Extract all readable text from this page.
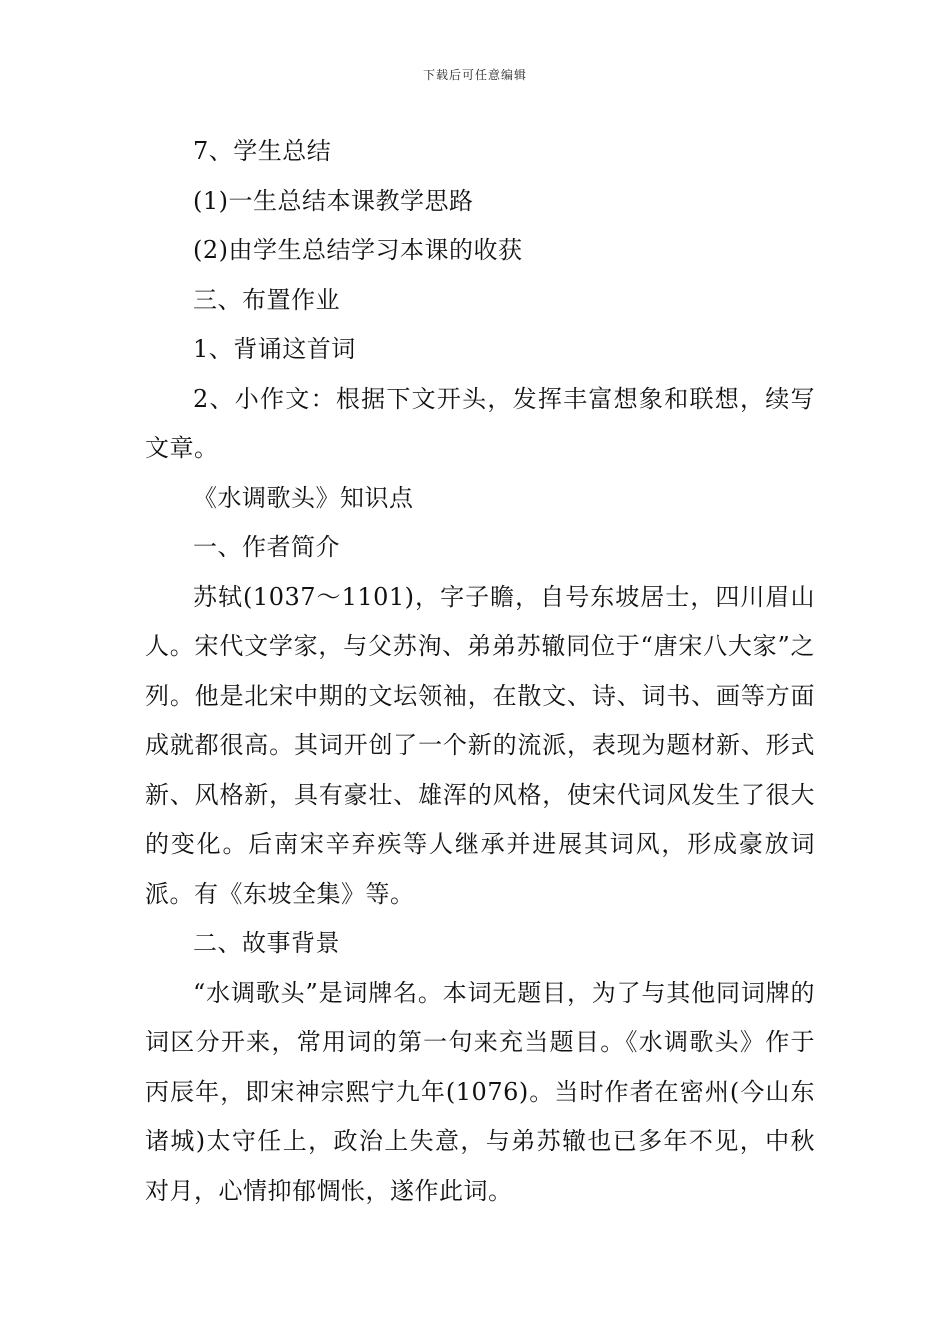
下载后可任意编辑

7、学生总结

(1)一生总结本课教学思路

(2)由学生总结学习本课的收获

三、布置作业

1、背诵这首词

2、小作文：根据下文开头，发挥丰富想象和联想，续写文章。

《水调歌头》知识点

一、作者简介

苏轼(1037～1101)，字子瞻，自号东坡居士，四川眉山人。宋代文学家，与父苏洵、弟弟苏辙同位于“唐宋八大家”之列。他是北宋中期的文坛领袖，在散文、诗、词书、画等方面成就都很高。其词开创了一个新的流派，表现为题材新、形式新、风格新，具有豪壮、雄浑的风格，使宋代词风发生了很大的变化。后南宋辛弃疾等人继承并进展其词风，形成豪放词派。有《东坡全集》等。

二、故事背景

“水调歌头”是词牌名。本词无题目，为了与其他同词牌的词区分开来，常用词的第一句来充当题目。《水调歌头》作于丙辰年，即宋神宗熙宁九年(1076)。当时作者在密州(今山东诸城)太守任上，政治上失意，与弟苏辙也已多年不见，中秋对月，心情抑郁惆怅，遂作此词。
